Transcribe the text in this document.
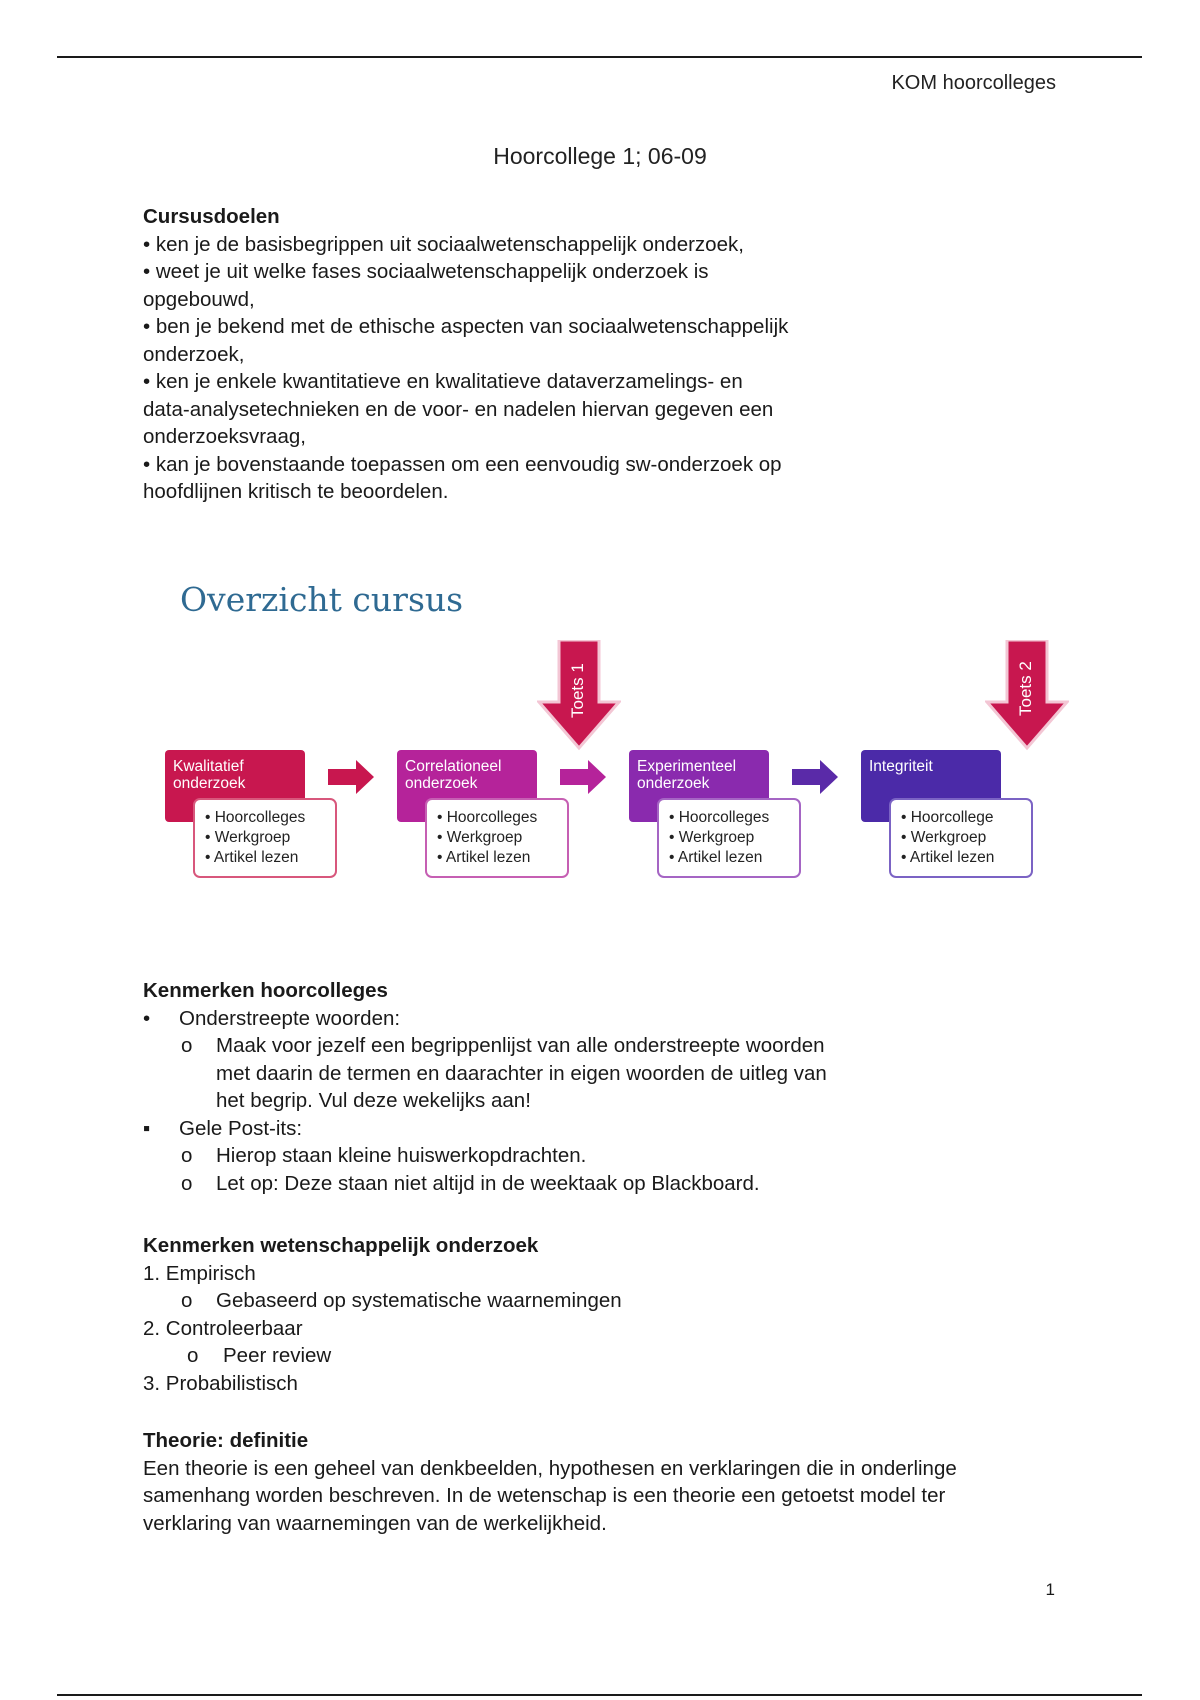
KOM hoorcolleges
Hoorcollege 1; 06-09
Cursusdoelen
• ken je de basisbegrippen uit sociaalwetenschappelijk onderzoek,
• weet je uit welke fases sociaalwetenschappelijk onderzoek is
opgebouwd,
• ben je bekend met de ethische aspecten van sociaalwetenschappelijk
onderzoek,
• ken je enkele kwantitatieve en kwalitatieve dataverzamelings- en
data-analysetechnieken en de voor- en nadelen hiervan gegeven een
onderzoeksvraag,
• kan je bovenstaande toepassen om een eenvoudig sw-onderzoek op
hoofdlijnen kritisch te beoordelen.
Overzicht cursus
Toets 1	Toets 2
Kwalitatief
onderzoek
• Hoorcolleges
• Werkgroep
• Artikel lezen
Correlationeel
onderzoek
• Hoorcolleges
• Werkgroep
• Artikel lezen
Experimenteel
onderzoek
• Hoorcolleges
• Werkgroep
• Artikel lezen
Integriteit
• Hoorcollege
• Werkgroep
• Artikel lezen
Kenmerken hoorcolleges
• Onderstreepte woorden:
o Maak voor jezelf een begrippenlijst van alle onderstreepte woorden
met daarin de termen en daarachter in eigen woorden de uitleg van
het begrip. Vul deze wekelijks aan!
▪ Gele Post-its:
o Hierop staan kleine huiswerkopdrachten.
o Let op: Deze staan niet altijd in de weektaak op Blackboard.
Kenmerken wetenschappelijk onderzoek
1. Empirisch
o Gebaseerd op systematische waarnemingen
2. Controleerbaar
o Peer review
3. Probabilistisch
Theorie: definitie
Een theorie is een geheel van denkbeelden, hypothesen en verklaringen die in onderlinge
samenhang worden beschreven. In de wetenschap is een theorie een getoetst model ter
verklaring van waarnemingen van de werkelijkheid.
1
